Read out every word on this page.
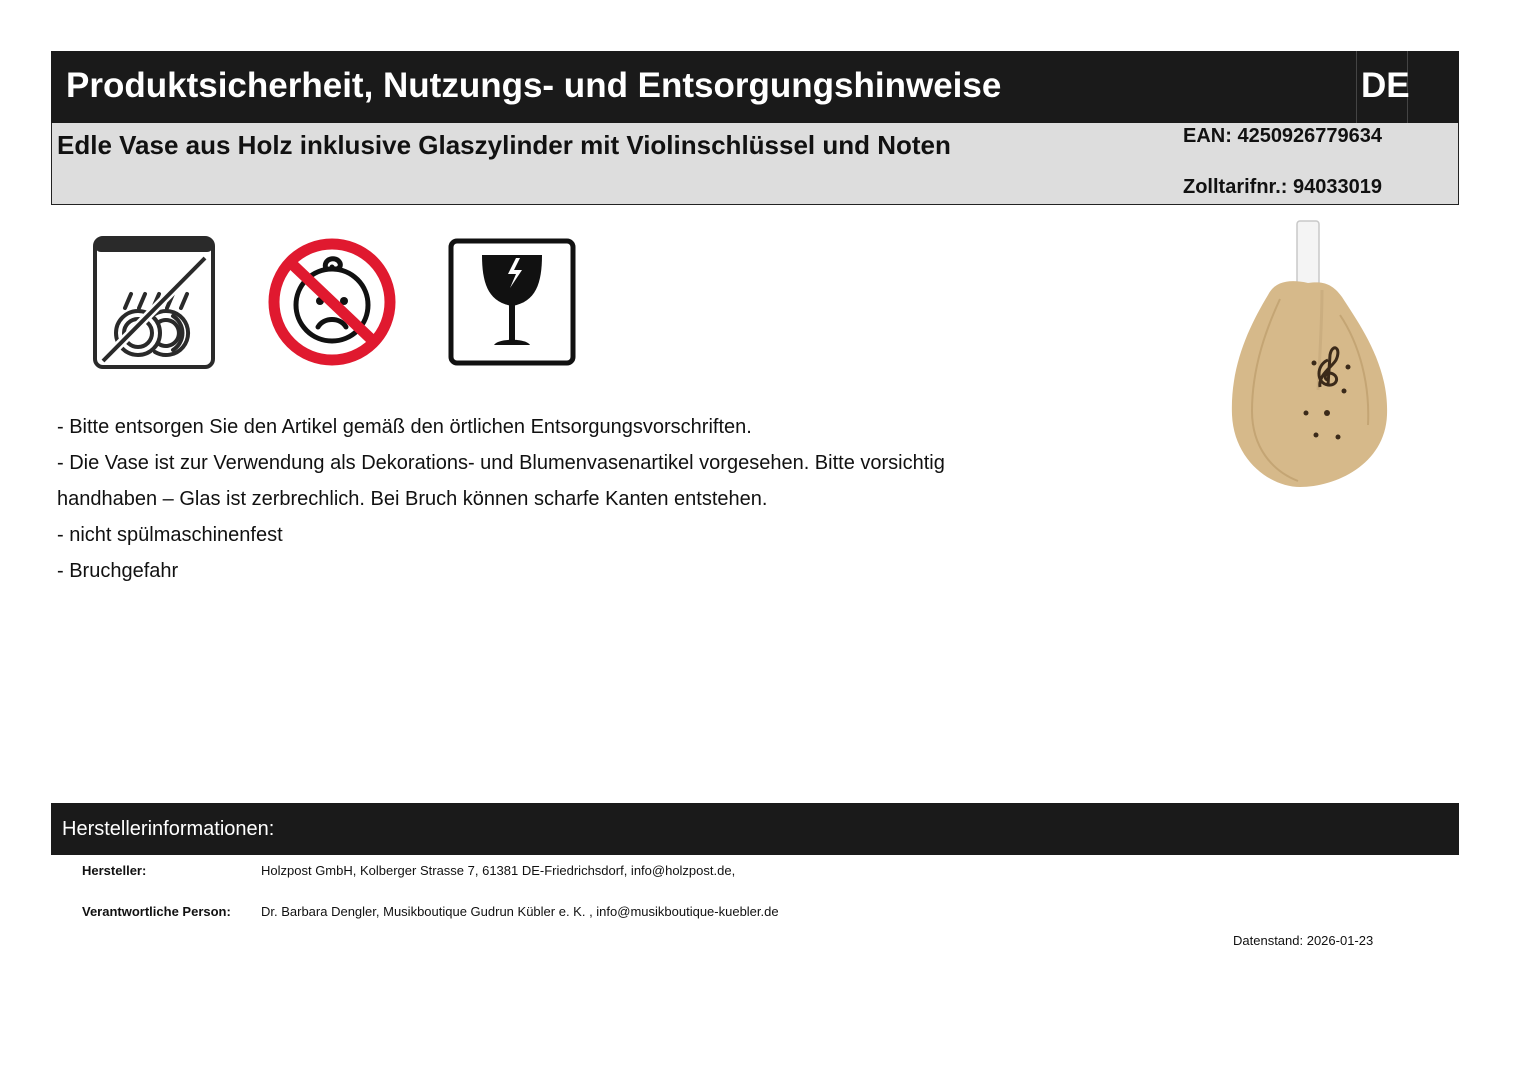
Produktsicherheit, Nutzungs- und Entsorgungshinweise	DE
Edle Vase aus Holz inklusive Glaszylinder mit Violinschlüssel und Noten	EAN: 4250926779634
Zolltarifnr.: 94033019
- Bitte entsorgen Sie den Artikel gemäß den örtlichen Entsorgungsvorschriften.
- Die Vase ist zur Verwendung als Dekorations- und Blumenvasenartikel vorgesehen. Bitte vorsichtig
handhaben – Glas ist zerbrechlich. Bei Bruch können scharfe Kanten entstehen.
- nicht spülmaschinenfest
- Bruchgefahr
Herstellerinformationen:
Hersteller:	Holzpost GmbH, Kolberger Strasse 7, 61381 DE-Friedrichsdorf, info@holzpost.de,
Verantwortliche Person: Dr. Barbara Dengler, Musikboutique Gudrun Kübler e. K. , info@musikboutique-kuebler.de
Datenstand: 2026-01-23
